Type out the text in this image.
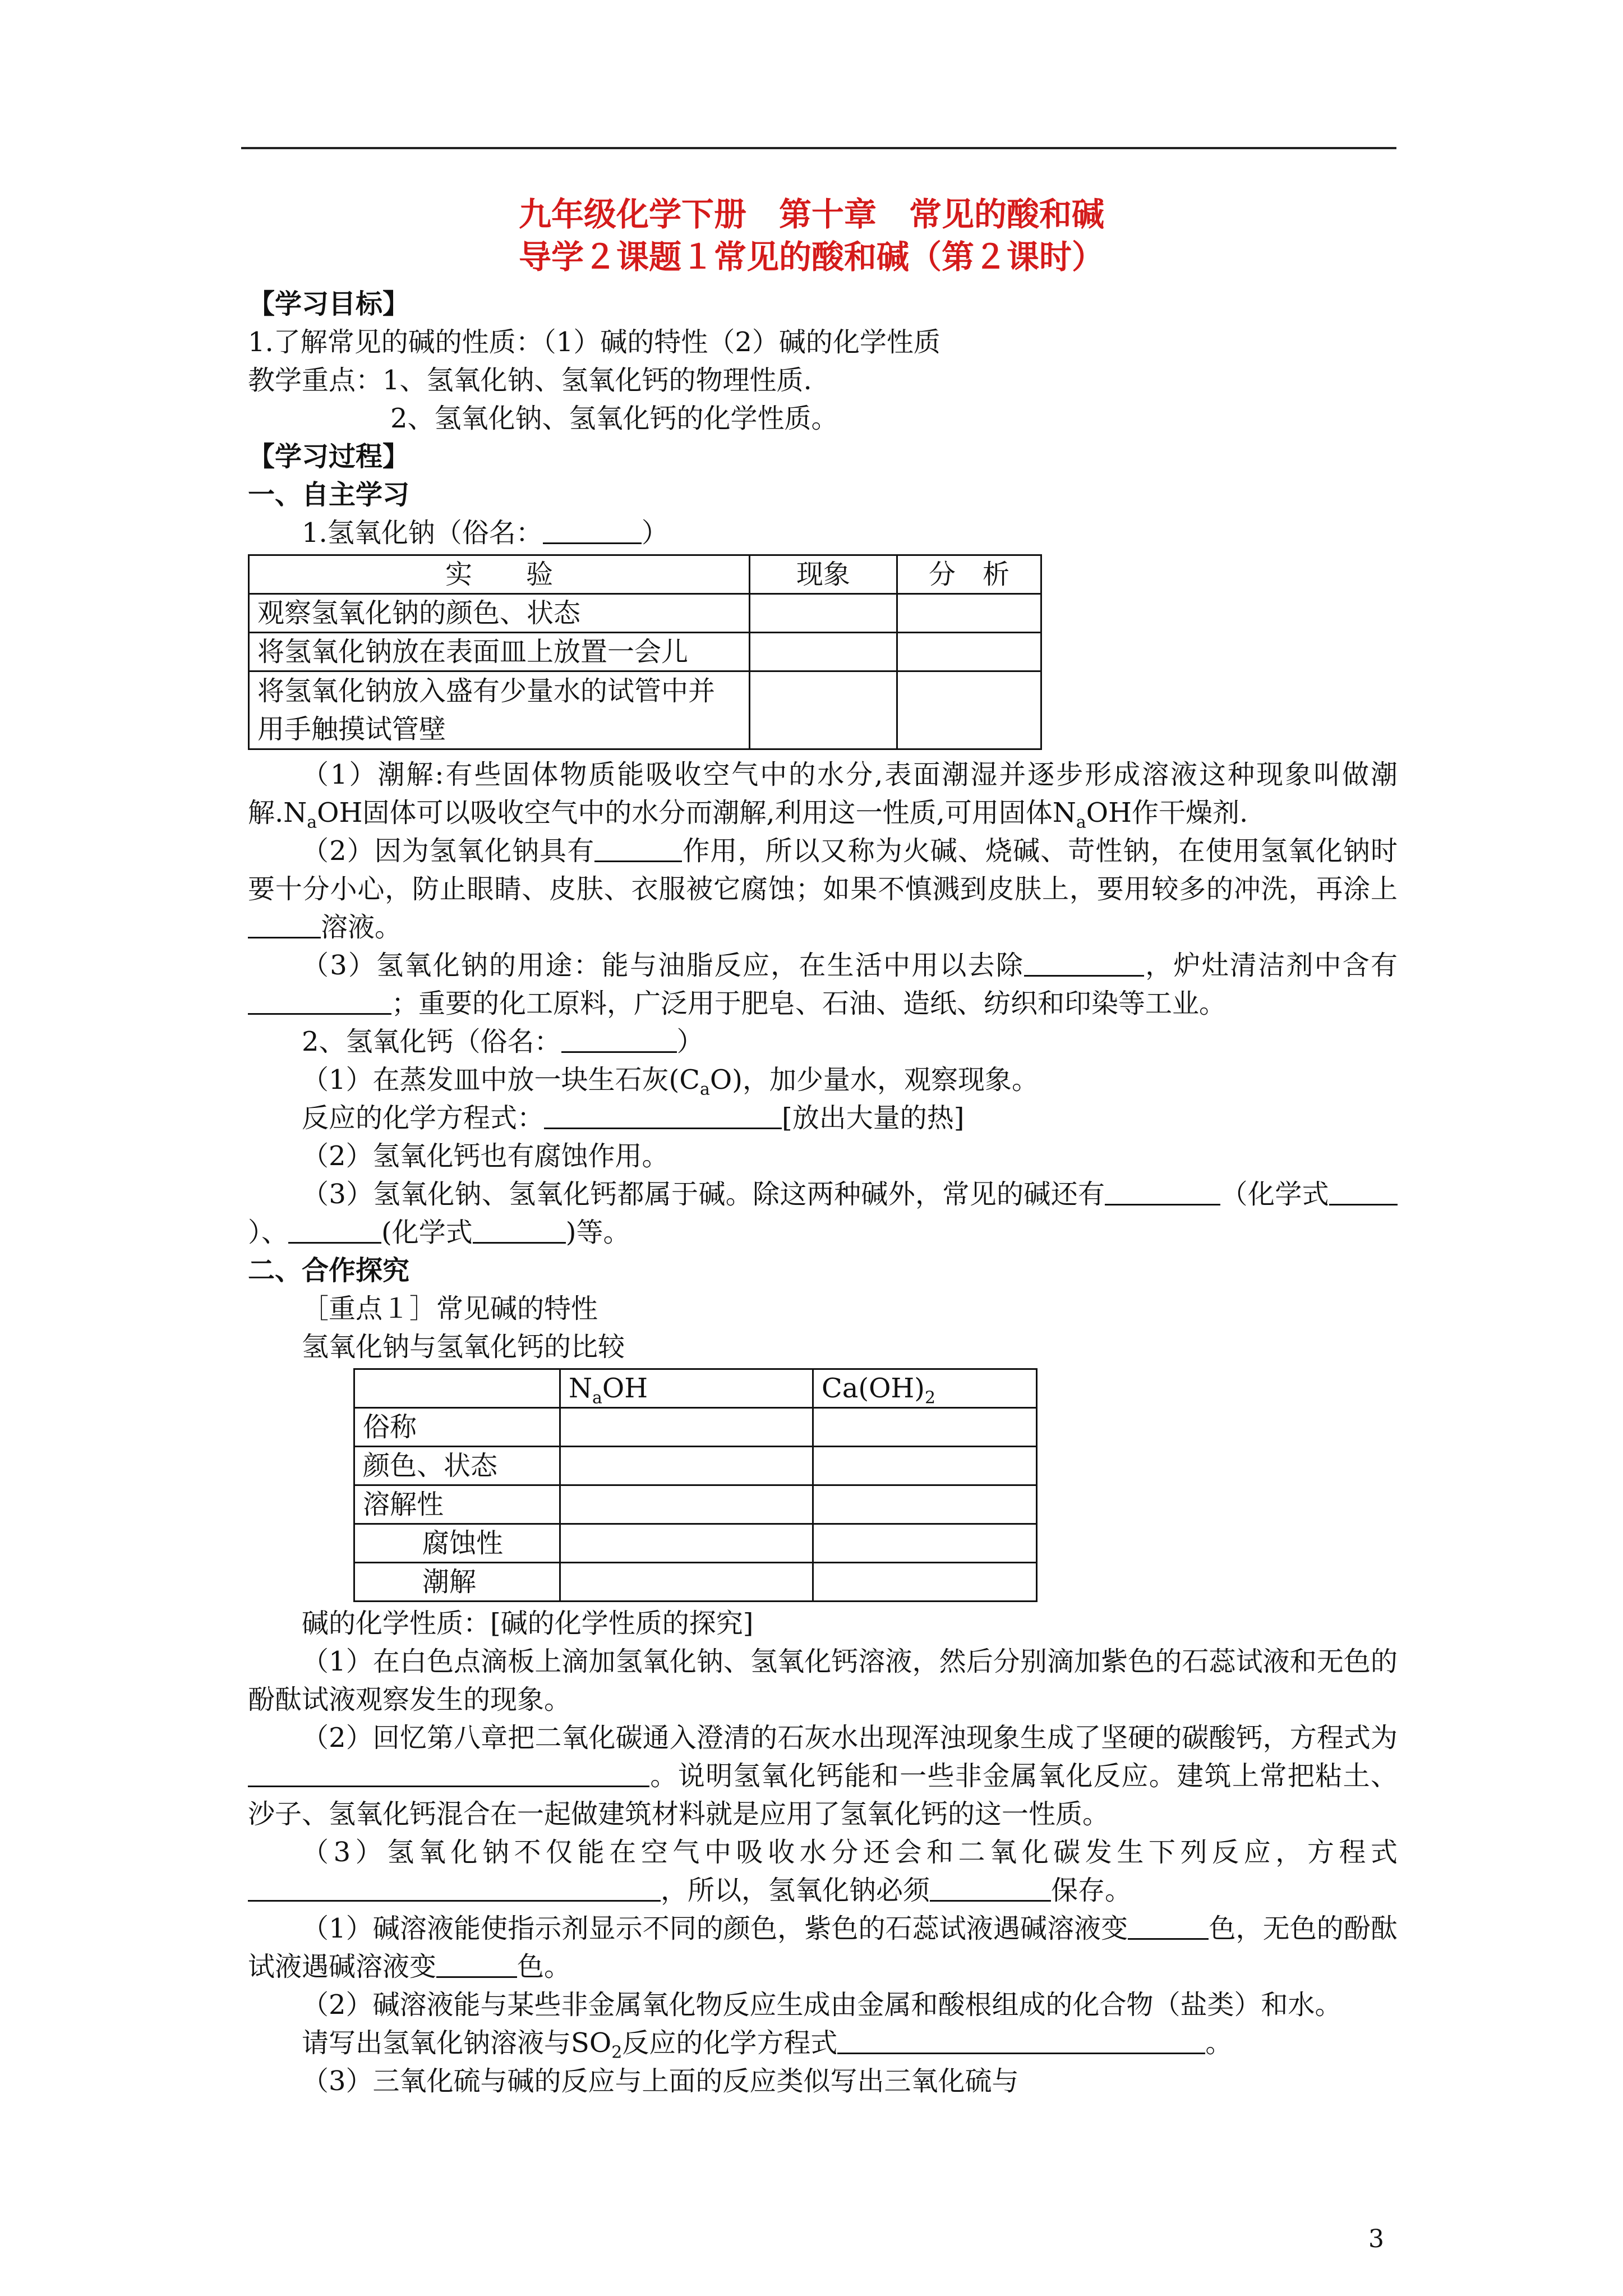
九年级化学下册　第十章　常见的酸和碱
导学２课题１常见的酸和碱（第２课时）

【学习目标】

1.了解常见的碱的性质：（1）碱的特性（2）碱的化学性质

教学重点：1、氢氧化钠、氢氧化钙的物理性质.

2、氢氧化钠、氢氧化钙的化学性质。

【学习过程】

一、自主学习

1.氢氧化钠（俗名：	）

实　　验	现象	分　析
观察氢氧化钠的颜色、状态		
将氢氧化钠放在表面皿上放置一会儿		
将氢氧化钠放入盛有少量水的试管中并用手触摸试管壁		

（1）潮解:有些固体物质能吸收空气中的水分,表面潮湿并逐步形成溶液这种现象叫做潮解$.N_aOH$固体可以吸收空气中的水分而潮解,利用这一性质,可用固体$N_aOH$作干燥剂.

（2）因为氢氧化钠具有	作用，所以又称为火碱、烧碱、苛性钠，在使用氢氧化钠时要十分小心，防止眼睛、皮肤、衣服被它腐蚀；如果不慎溅到皮肤上，要用较多的冲洗，再涂上溶液。

（3）氢氧化钠的用途：能与油脂反应，在生活中用以去除	，炉灶清洁剂中含有；重要的化工原料，广泛用于肥皂、石油、造纸、纺织和印染等工业。

2、氢氧化钙（俗名：	）

（1）在蒸发皿中放一块生石灰$(C_aO)$，加少量水，观察现象。

反应的化学方程式：	[放出大量的热]

（2）氢氧化钙也有腐蚀作用。

（3）氢氧化钠、氢氧化钙都属于碱。除这两种碱外，常见的碱还有	（化学式）、	(化学式	)等。

二、合作探究

［重点１］常见碱的特性

氢氧化钠与氢氧化钙的比较

	$N_aOH$	$Ca(OH)_2$
俗称		
颜色、状态		
溶解性		
腐蚀性		
潮解		

碱的化学性质：[碱的化学性质的探究]

（1）在白色点滴板上滴加氢氧化钠、氢氧化钙溶液，然后分别滴加紫色的石蕊试液和无色的酚酞试液观察发生的现象。

（2）回忆第八章把二氧化碳通入澄清的石灰水出现浑浊现象生成了坚硬的碳酸钙，方程式为。说明氢氧化钙能和一些非金属氧化反应。建筑上常把粘土、沙子、氢氧化钙混合在一起做建筑材料就是应用了氢氧化钙的这一性质。

（3）氢氧化钠不仅能在空气中吸收水分还会和二氧化碳发生下列反应，方程式，所以，氢氧化钠必须	保存。

（1）碱溶液能使指示剂显示不同的颜色，紫色的石蕊试液遇碱溶液变	色，无色的酚酞试液遇碱溶液变	色。

（2）碱溶液能与某些非金属氧化物反应生成由金属和酸根组成的化合物（盐类）和水。

请写出氢氧化钠溶液与$SO_2$反应的化学方程式	。

（3）三氧化硫与碱的反应与上面的反应类似写出三氧化硫与

3
